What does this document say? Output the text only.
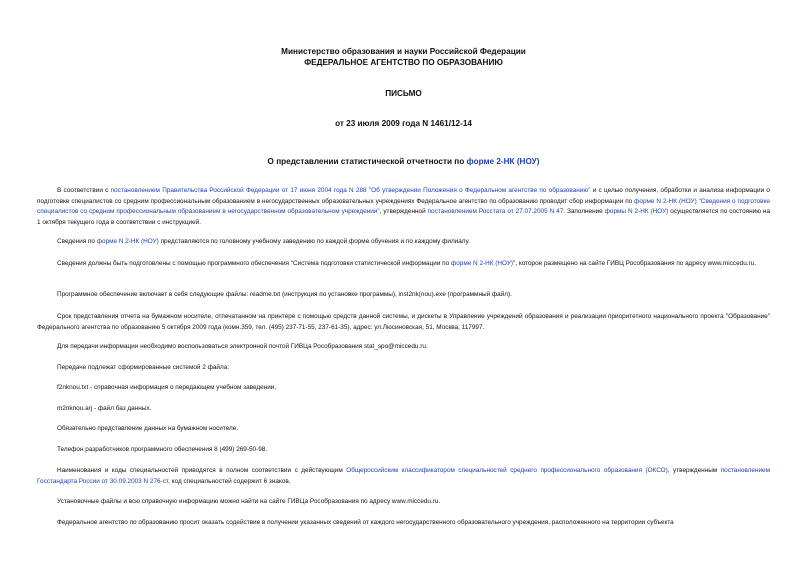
Министерство образования и науки Российской Федерации
ФЕДЕРАЛЬНОЕ АГЕНТСТВО ПО ОБРАЗОВАНИЮ
ПИСЬМО
от 23 июля 2009 года N 1461/12-14
О представлении статистической отчетности по форме 2-НК (НОУ)
В соответствии с постановлением Правительства Российской Федерации от 17 июня 2004 года N 288 "Об утверждении Положения о Федеральном агентстве по образованию" и с целью получения, обработки и анализа информации о подготовке специалистов со средним профессиональным образованием в негосударственных образовательных учреждениях Федеральное агентство по образованию проводит сбор информации по форме N 2-НК (НОУ) "Сведения о подготовке специалистов со средним профессиональным образованием в негосударственном образовательном учреждении", утвержденной постановлением Росстата от 27.07.2005 N 47. Заполнение формы N 2-НК (НОУ) осуществляется по состоянию на 1 октября текущего года в соответствии с инструкцией.
Сведения по форме N 2-НК (НОУ) представляются по головному учебному заведению по каждой форме обучения и по каждому филиалу.
Сведения должны быть подготовлены с помощью программного обеспечения "Система подготовки статистической информации по форме N 2-НК (НОУ)", которое размещено на сайте ГИВЦ Рособразования по адресу www.miccedu.ru.
Программное обеспечение включает в себя следующие файлы: readme.txt (инструкция по установке программы), inst2nk(nou).exe (программный файл).
Срок представления отчета на бумажном носителе, отпечатанном на принтере с помощью средств данной системы, и дискеты в Управление учреждений образования и реализации приоритетного национального проекта "Образование" Федерального агентства по образованию 5 октября 2009 года (комн.359, тел. (495) 237-71-55, 237-61-35), адрес: ул.Люсиновская, 51, Москва, 117997.
Для передачи информации необходимо воспользоваться электронной почтой ГИВЦа Рособразования stat_spo@miccedu.ru.
Передаче подлежат сформированные системой 2 файла:
f2nknou.txt - справочная информация о передающем учебном заведении,
m2nknou.arj - файл баз данных.
Обязательно представление данных на бумажном носителе.
Телефон разработчиков программного обеспечения 8 (499) 269-50-98.
Наименования и коды специальностей приводятся в полном соответствии с действующим Общероссийским классификатором специальностей среднего профессионального образования (ОКСО), утвержденным постановлением Госстандарта России от 30.09.2003 N 276-ст, код специальностей содержит 6 знаков.
Установочные файлы и всю справочную информацию можно найти на сайте ГИВЦа Рособразования по адресу www.miccedu.ru.
Федеральное агентство по образованию просит оказать содействие в получении указанных сведений от каждого негосударственного образовательного учреждения, расположенного на территории субъекта
